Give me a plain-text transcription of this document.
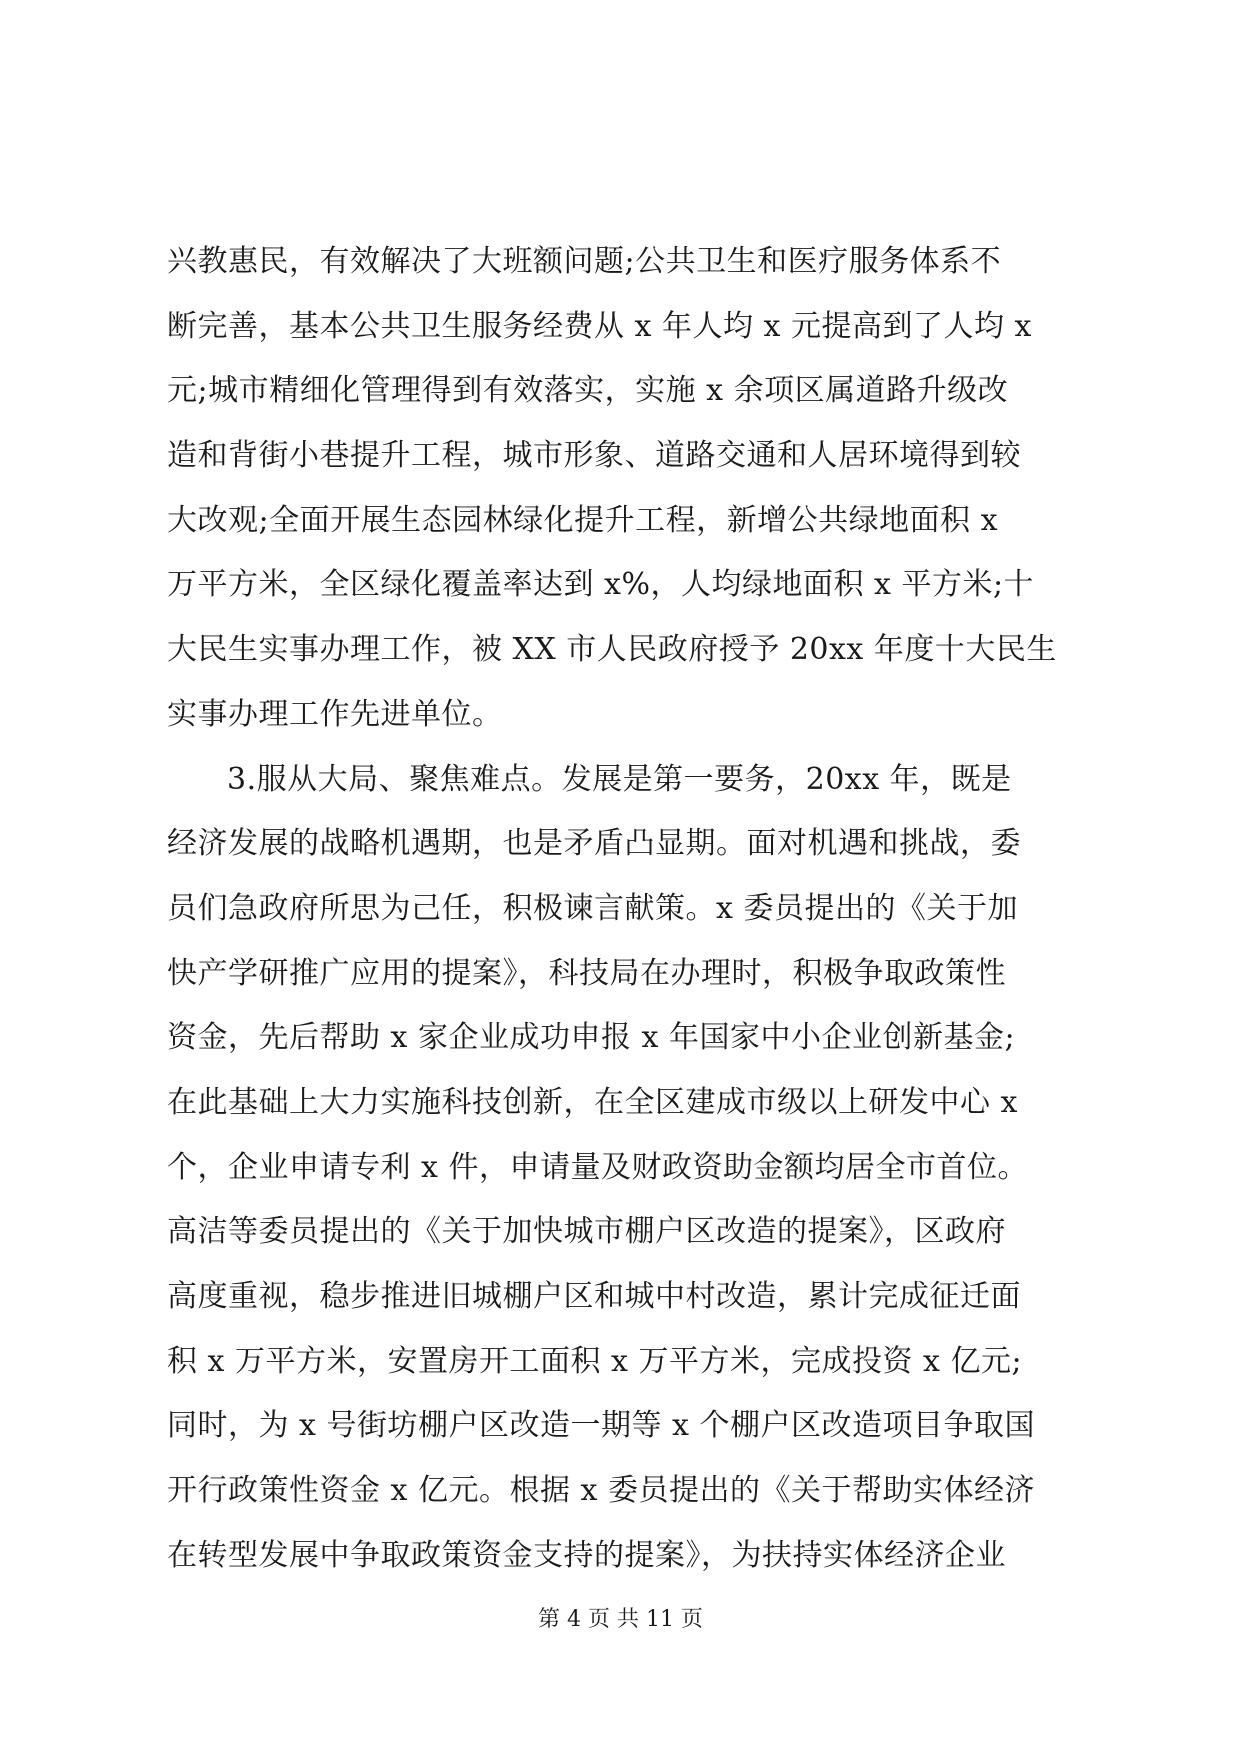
兴教惠民，有效解决了大班额问题;公共卫生和医疗服务体系不
断完善，基本公共卫生服务经费从 x 年人均 x 元提高到了人均 x
元;城市精细化管理得到有效落实，实施 x 余项区属道路升级改
造和背街小巷提升工程，城市形象、道路交通和人居环境得到较
大改观;全面开展生态园林绿化提升工程，新增公共绿地面积 x
万平方米，全区绿化覆盖率达到 x%，人均绿地面积 x 平方米;十
大民生实事办理工作，被 XX 市人民政府授予 20xx 年度十大民生
实事办理工作先进单位。
3.服从大局、聚焦难点。发展是第一要务，20xx 年，既是
经济发展的战略机遇期，也是矛盾凸显期。面对机遇和挑战，委
员们急政府所思为己任，积极谏言献策。x 委员提出的《关于加
快产学研推广应用的提案》，科技局在办理时，积极争取政策性
资金，先后帮助 x 家企业成功申报 x 年国家中小企业创新基金;
在此基础上大力实施科技创新，在全区建成市级以上研发中心 x
个，企业申请专利 x 件，申请量及财政资助金额均居全市首位。
高洁等委员提出的《关于加快城市棚户区改造的提案》，区政府
高度重视，稳步推进旧城棚户区和城中村改造，累计完成征迁面
积 x 万平方米，安置房开工面积 x 万平方米，完成投资 x 亿元;
同时，为 x 号街坊棚户区改造一期等 x 个棚户区改造项目争取国
开行政策性资金 x 亿元。根据 x 委员提出的《关于帮助实体经济
在转型发展中争取政策资金支持的提案》，为扶持实体经济企业
第 4 页 共 11 页
